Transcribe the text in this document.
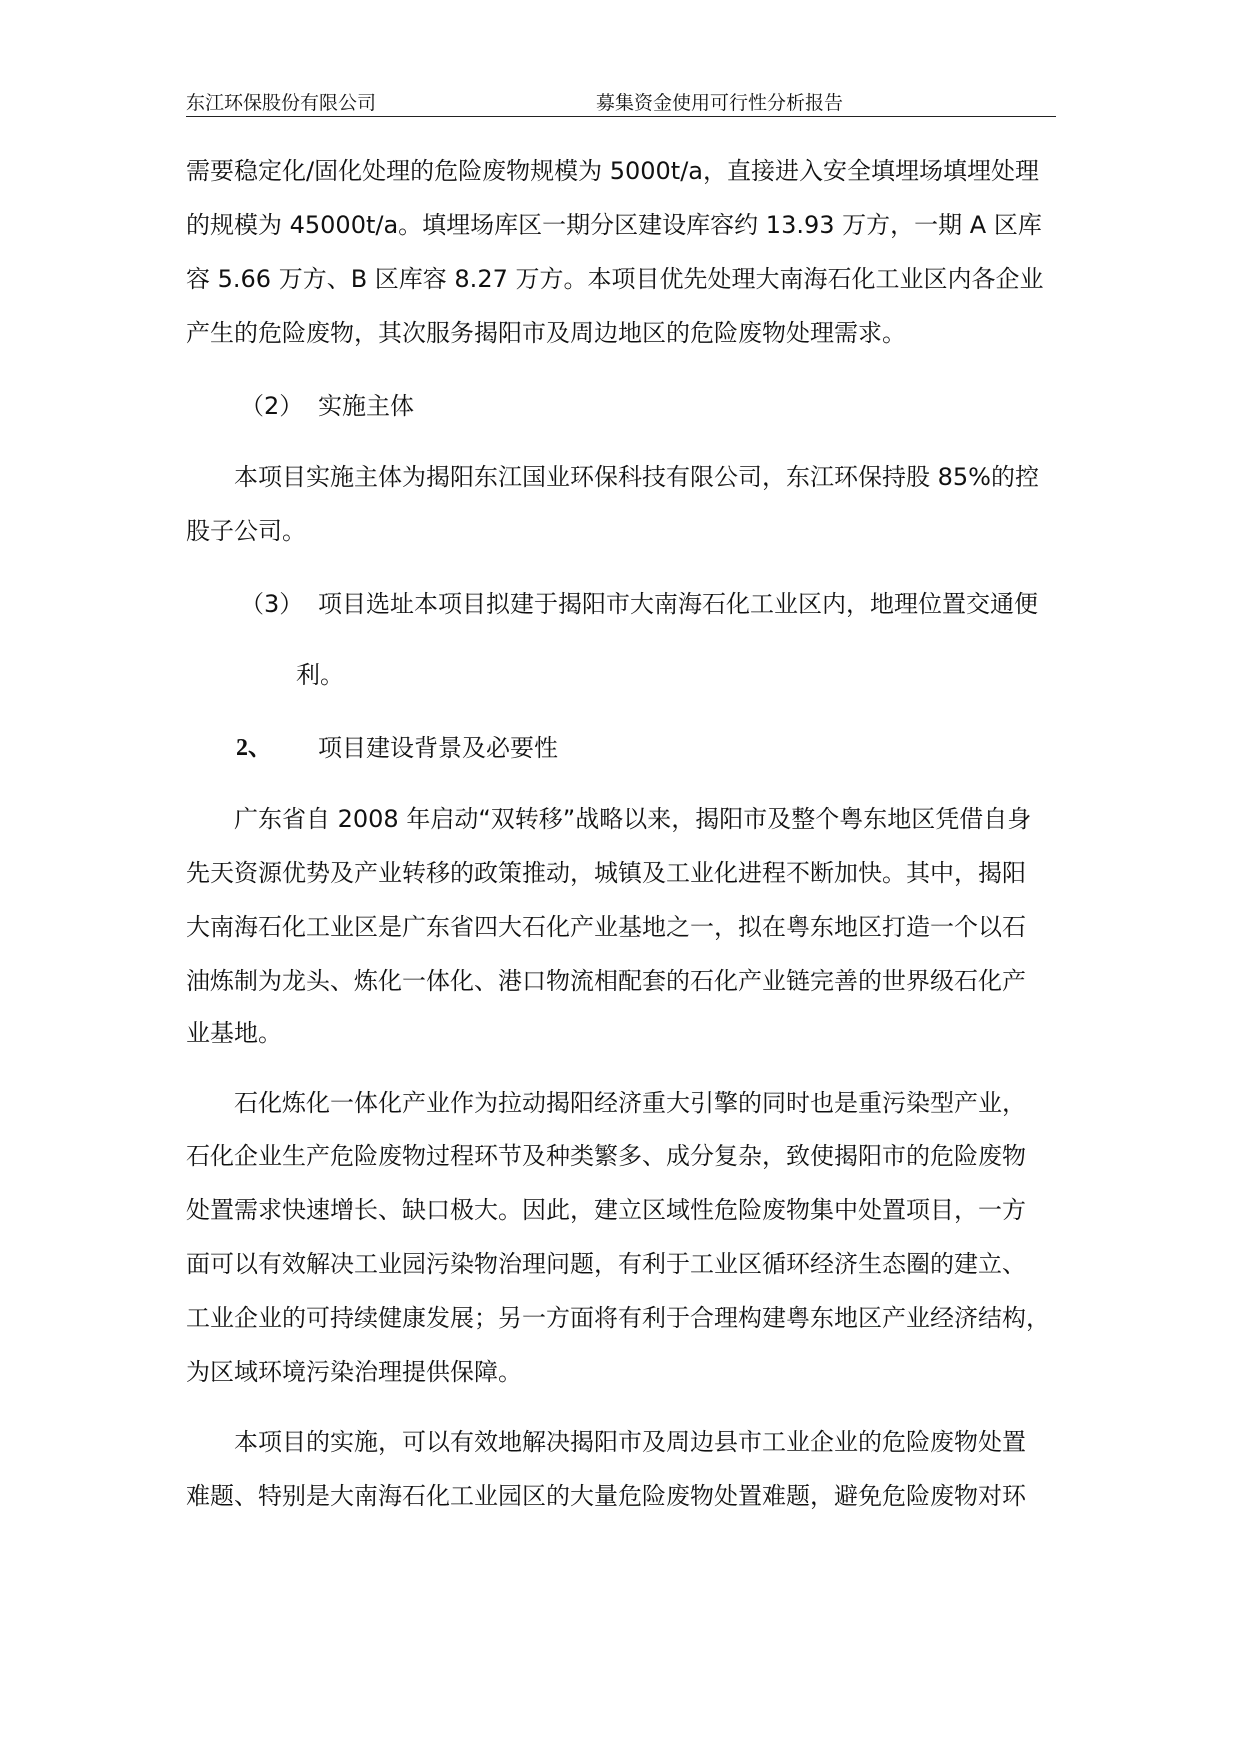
东江环保股份有限公司	募集资金使用可行性分析报告
需要稳定化/固化处理的危险废物规模为 5000t/a，直接进入安全填埋场填埋处理
的规模为 45000t/a。填埋场库区一期分区建设库容约 13.93 万方，一期 A 区库
容 5.66 万方、B 区库容 8.27 万方。本项目优先处理大南海石化工业区内各企业
产生的危险废物，其次服务揭阳市及周边地区的危险废物处理需求。
（2） 实施主体
本项目实施主体为揭阳东江国业环保科技有限公司，东江环保持股 85%的控
股子公司。
（3） 项目选址本项目拟建于揭阳市大南海石化工业区内，地理位置交通便
利。
2、 项目建设背景及必要性
广东省自 2008 年启动“双转移”战略以来，揭阳市及整个粤东地区凭借自身
先天资源优势及产业转移的政策推动，城镇及工业化进程不断加快。其中，揭阳
大南海石化工业区是广东省四大石化产业基地之一，拟在粤东地区打造一个以石
油炼制为龙头、炼化一体化、港口物流相配套的石化产业链完善的世界级石化产
业基地。
石化炼化一体化产业作为拉动揭阳经济重大引擎的同时也是重污染型产业，
石化企业生产危险废物过程环节及种类繁多、成分复杂，致使揭阳市的危险废物
处置需求快速增长、缺口极大。因此，建立区域性危险废物集中处置项目，一方
面可以有效解决工业园污染物治理问题，有利于工业区循环经济生态圈的建立、
工业企业的可持续健康发展；另一方面将有利于合理构建粤东地区产业经济结构，
为区域环境污染治理提供保障。
本项目的实施，可以有效地解决揭阳市及周边县市工业企业的危险废物处置
难题、特别是大南海石化工业园区的大量危险废物处置难题，避免危险废物对环
